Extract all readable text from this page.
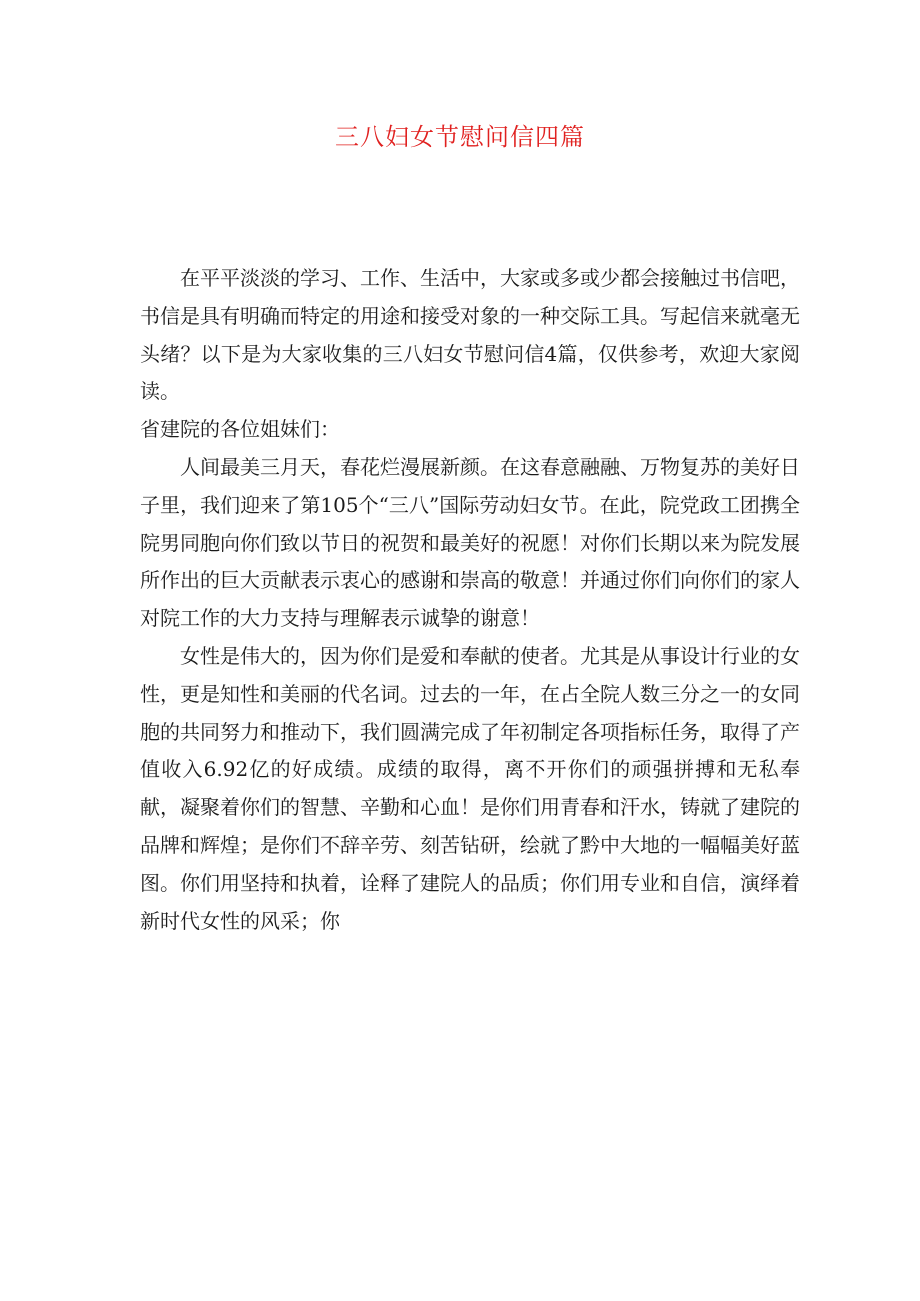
三八妇女节慰问信四篇

在平平淡淡的学习、工作、生活中，大家或多或少都会接触过书信吧，书信是具有明确而特定的用途和接受对象的一种交际工具。写起信来就毫无头绪？以下是为大家收集的三八妇女节慰问信4篇，仅供参考，欢迎大家阅读。

省建院的各位姐妹们：

人间最美三月天，春花烂漫展新颜。在这春意融融、万物复苏的美好日子里，我们迎来了第105个“三八”国际劳动妇女节。在此，院党政工团携全院男同胞向你们致以节日的祝贺和最美好的祝愿！对你们长期以来为院发展所作出的巨大贡献表示衷心的感谢和崇高的敬意！并通过你们向你们的家人对院工作的大力支持与理解表示诚挚的谢意！

女性是伟大的，因为你们是爱和奉献的使者。尤其是从事设计行业的女性，更是知性和美丽的代名词。过去的一年，在占全院人数三分之一的女同胞的共同努力和推动下，我们圆满完成了年初制定各项指标任务，取得了产值收入6.92亿的好成绩。成绩的取得，离不开你们的顽强拼搏和无私奉献，凝聚着你们的智慧、辛勤和心血！是你们用青春和汗水，铸就了建院的品牌和辉煌；是你们不辞辛劳、刻苦钻研，绘就了黔中大地的一幅幅美好蓝图。你们用坚持和执着，诠释了建院人的品质；你们用专业和自信，演绎着新时代女性的风采；你
